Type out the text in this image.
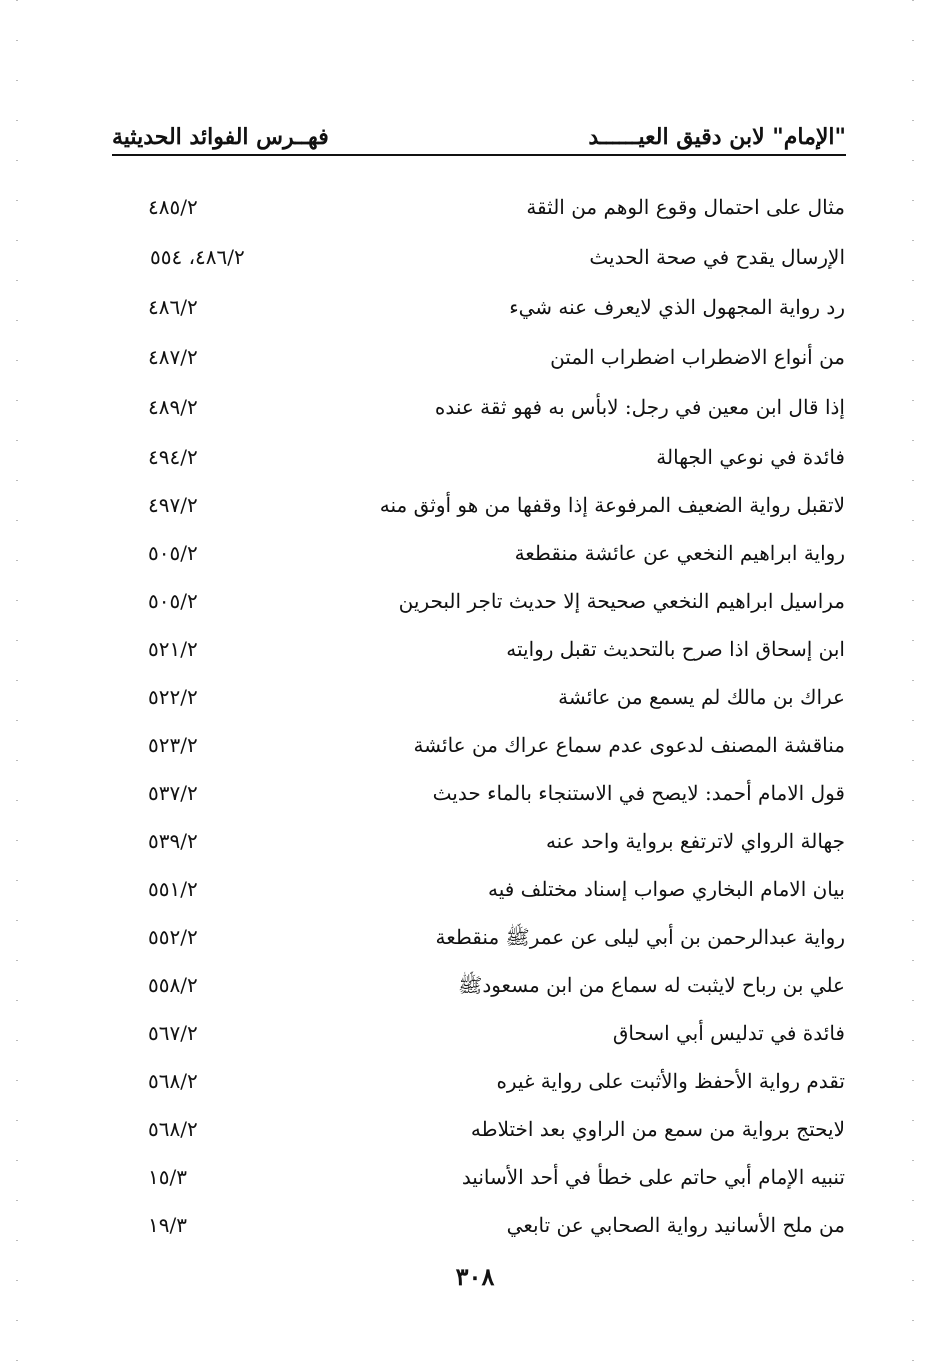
"الإمام" لابن دقيق العيــــــد
فهــرس الفوائد الحديثية
مثال على احتمال وقوع الوهم من الثقة
٤٨٥/٢
الإرسال يقدح في صحة الحديث
٤٨٦/٢، ٥٥٤
رد رواية المجهول الذي لايعرف عنه شيء
٤٨٦/٢
من أنواع الاضطراب اضطراب المتن
٤٨٧/٢
إذا قال ابن معين في رجل: لابأس به فهو ثقة عنده
٤٨٩/٢
فائدة في نوعي الجهالة
٤٩٤/٢
لاتقبل رواية الضعيف المرفوعة إذا وقفها من هو أوثق منه
٤٩٧/٢
رواية ابراهيم النخعي عن عائشة منقطعة
٥٠٥/٢
مراسيل ابراهيم النخعي صحيحة إلا حديث تاجر البحرين
٥٠٥/٢
ابن إسحاق اذا صرح بالتحديث تقبل روايته
٥٢١/٢
عراك بن مالك لم يسمع من عائشة
٥٢٢/٢
مناقشة المصنف لدعوى عدم سماع عراك من عائشة
٥٢٣/٢
قول الامام أحمد: لايصح في الاستنجاء بالماء حديث
٥٣٧/٢
جهالة الرواي لاترتفع برواية واحد عنه
٥٣٩/٢
بيان الامام البخاري صواب إسناد مختلف فيه
٥٥١/٢
رواية عبدالرحمن بن أبي ليلى عن عمرﷺ منقطعة
٥٥٢/٢
علي بن رباح لايثبت له سماع من ابن مسعودﷺ
٥٥٨/٢
فائدة في تدليس أبي اسحاق
٥٦٧/٢
تقدم رواية الأحفظ والأثبت على رواية غيره
٥٦٨/٢
لايحتج برواية من سمع من الراوي بعد اختلاطه
٥٦٨/٢
تنبيه الإمام أبي حاتم على خطأ في أحد الأسانيد
١٥/٣
من ملح الأسانيد رواية الصحابي عن تابعي
١٩/٣
٣٠٨
